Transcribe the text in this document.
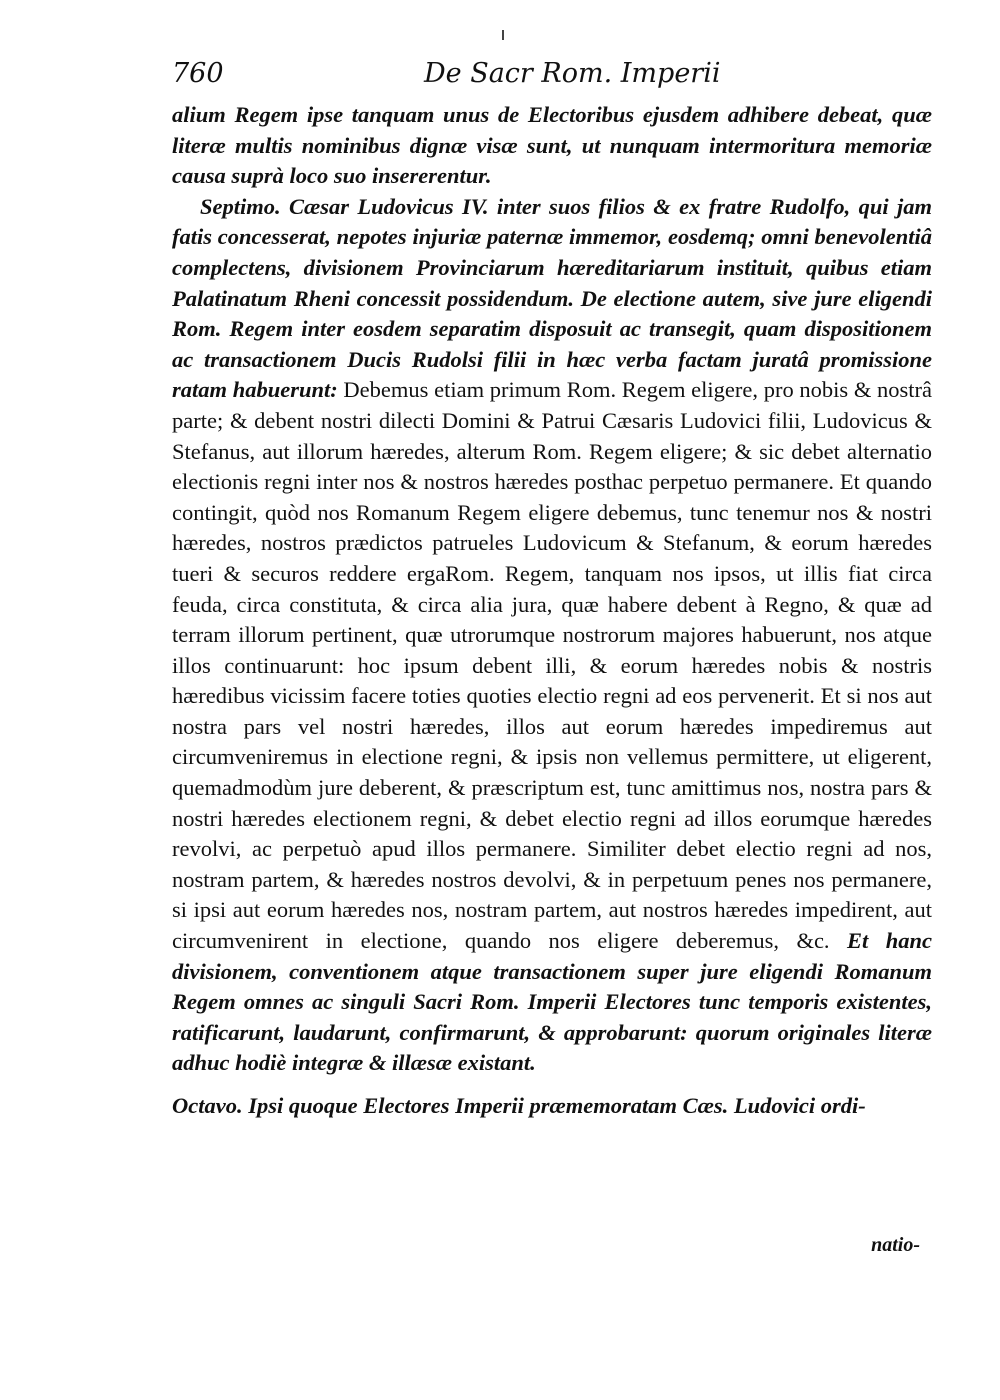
760	De Sacr Rom. Imperii

alium Regem ipse tanquam unus de Electoribus ejusdem adhibere debeat, quæ literæ multis nominibus dignæ visæ sunt, ut nunquam intermoritura memoriæ causa suprà loco suo insererentur.

Septimo. Cæsar Ludovicus IV. inter suos filios & ex fratre Rudolfo, qui jam fatis concesserat, nepotes injuriæ paternæ immemor, eosdemq; omni benevolentiâ complectens, divisionem Provinciarum hæreditariarum instituit, quibus etiam Palatinatum Rheni concessit possidendum. De electione autem, sive jure eligendi Rom. Regem inter eosdem separatim disposuit ac transegit, quam dispositionem ac transactionem Ducis Rudolsi filii in hæc verba factam juratâ promissione ratam habuerunt: Debemus etiam primum Rom. Regem eligere, pro nobis & nostrâ parte; & debent nostri dilecti Domini & Patrui Cæsaris Ludovici filii, Ludovicus & Stefanus, aut illorum hæredes, alterum Rom. Regem eligere; & sic debet alternatio electionis regni inter nos & nostros hæredes posthac perpetuo permanere. Et quando contingit, quòd nos Romanum Regem eligere debemus, tunc tenemur nos & nostri hæredes, nostros prædictos patrueles Ludovicum & Stefanum, & eorum hæredes tueri & securos reddere ergaRom. Regem, tanquam nos ipsos, ut illis fiat circa feuda, circa constituta, & circa alia jura, quæ habere debent à Regno, & quæ ad terram illorum pertinent, quæ utrorumque nostrorum majores habuerunt, nos atque illos continuarunt: hoc ipsum debent illi, & eorum hæredes nobis & nostris hæredibus vicissim facere toties quoties electio regni ad eos pervenerit. Et si nos aut nostra pars vel nostri hæredes, illos aut eorum hæredes impediremus aut circumveniremus in electione regni, & ipsis non vellemus permittere, ut eligerent, quemadmodùm jure deberent, & præscriptum est, tunc amittimus nos, nostra pars & nostri hæredes electionem regni, & debet electio regni ad illos eorumque hæredes revolvi, ac perpetuò apud illos permanere. Similiter debet electio regni ad nos, nostram partem, & hæredes nostros devolvi, & in perpetuum penes nos permanere, si ipsi aut eorum hæredes nos, nostram partem, aut nostros hæredes impedirent, aut circumvenirent in electione, quando nos eligere deberemus, &c. Et hanc divisionem, conventionem atque transactionem super jure eligendi Romanum Regem omnes ac singuli Sacri Rom. Imperii Electores tunc temporis existentes, ratificarunt, laudarunt, confirmarunt, & approbarunt: quorum originales literæ adhuc hodiè integræ & illæsæ existant.

Octavo. Ipsi quoque Electores Imperii præmemoratam Cæs. Ludovici ordi-

natio-
